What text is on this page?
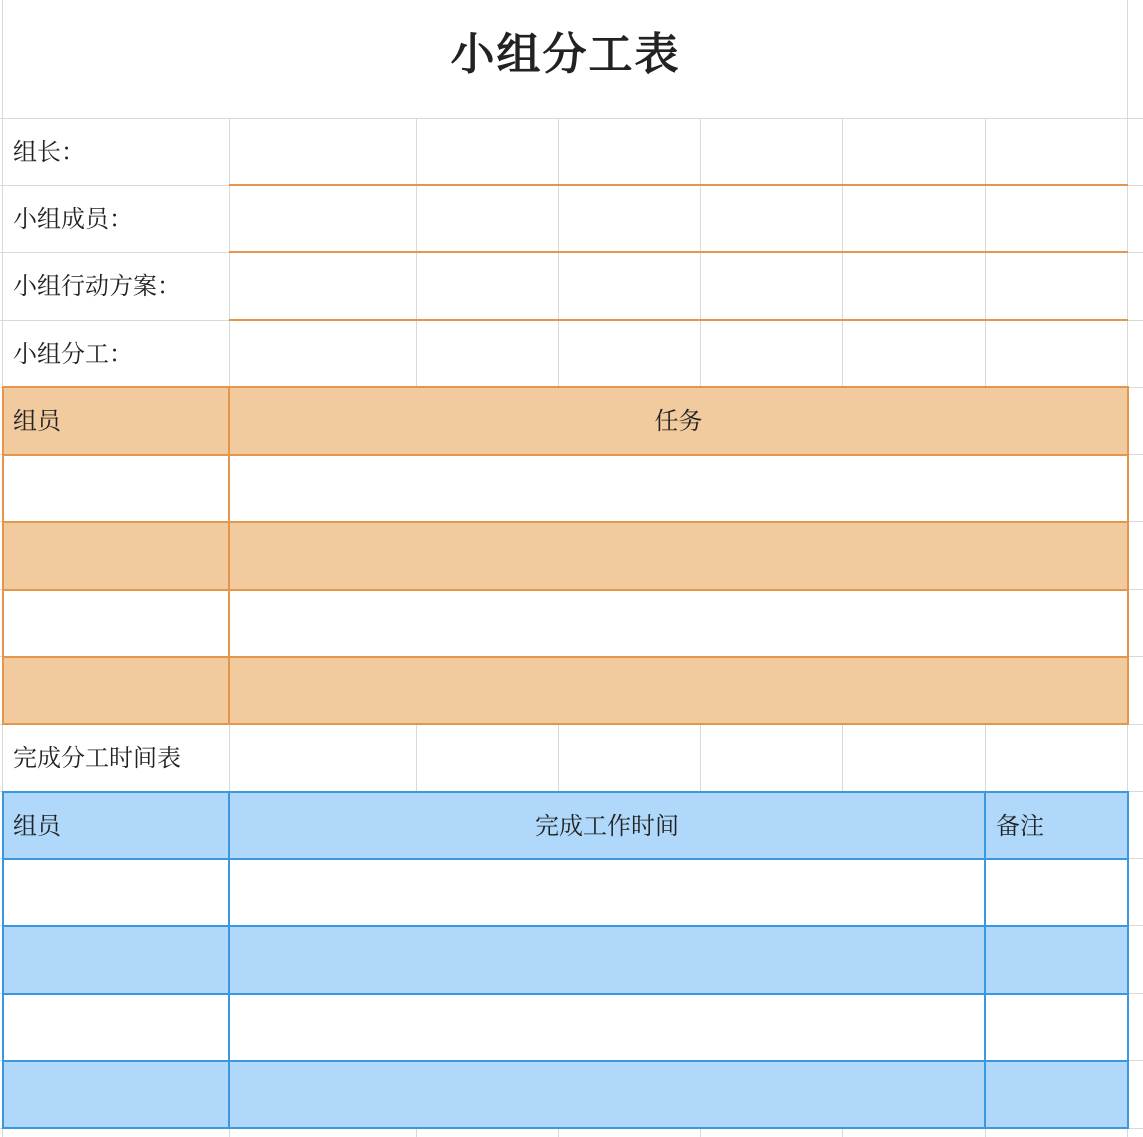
小组分工表
组长：
小组成员：
小组行动方案：
小组分工：
组员	任务
完成分工时间表
组员	完成工作时间	备注
